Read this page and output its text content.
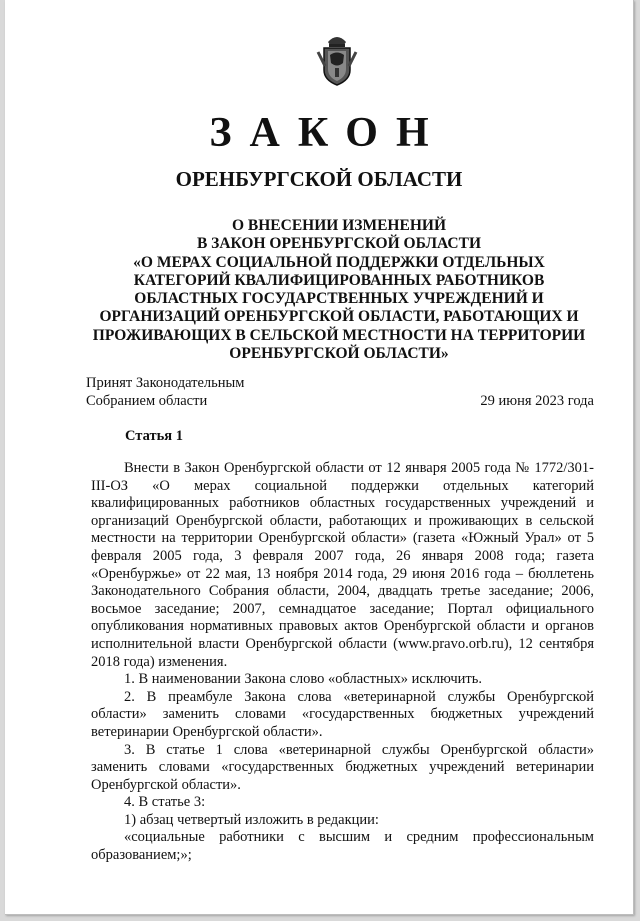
ЗАКОН
ОРЕНБУРГСКОЙ ОБЛАСТИ
О ВНЕСЕНИИ ИЗМЕНЕНИЙ
В ЗАКОН ОРЕНБУРГСКОЙ ОБЛАСТИ
«О МЕРАХ СОЦИАЛЬНОЙ ПОДДЕРЖКИ ОТДЕЛЬНЫХ
КАТЕГОРИЙ КВАЛИФИЦИРОВАННЫХ РАБОТНИКОВ
ОБЛАСТНЫХ ГОСУДАРСТВЕННЫХ УЧРЕЖДЕНИЙ И
ОРГАНИЗАЦИЙ ОРЕНБУРГСКОЙ ОБЛАСТИ, РАБОТАЮЩИХ И
ПРОЖИВАЮЩИХ В СЕЛЬСКОЙ МЕСТНОСТИ НА ТЕРРИТОРИИ
ОРЕНБУРГСКОЙ ОБЛАСТИ»
Принят Законодательным
Собранием области	29 июня 2023 года
Статья 1

Внести в Закон Оренбургской области от 12 января 2005 года № 1772/301-III-ОЗ «О мерах социальной поддержки отдельных категорий квалифицированных работников областных государственных учреждений и организаций Оренбургской области, работающих и проживающих в сельской местности на территории Оренбургской области» (газета «Южный Урал» от 5 февраля 2005 года, 3 февраля 2007 года, 26 января 2008 года; газета «Оренбуржье» от 22 мая, 13 ноября 2014 года, 29 июня 2016 года – бюллетень Законодательного Собрания области, 2004, двадцать третье заседание; 2006, восьмое заседание; 2007, семнадцатое заседание; Портал официального опубликования нормативных правовых актов Оренбургской области и органов исполнительной власти Оренбургской области (www.pravo.orb.ru), 12 сентября 2018 года) изменения.

1. В наименовании Закона слово «областных» исключить.

2. В преамбуле Закона слова «ветеринарной службы Оренбургской области» заменить словами «государственных бюджетных учреждений ветеринарии Оренбургской области».

3. В статье 1 слова «ветеринарной службы Оренбургской области» заменить словами «государственных бюджетных учреждений ветеринарии Оренбургской области».

4. В статье 3:

1) абзац четвертый изложить в редакции:

«социальные работники с высшим и средним профессиональным образованием;»;
